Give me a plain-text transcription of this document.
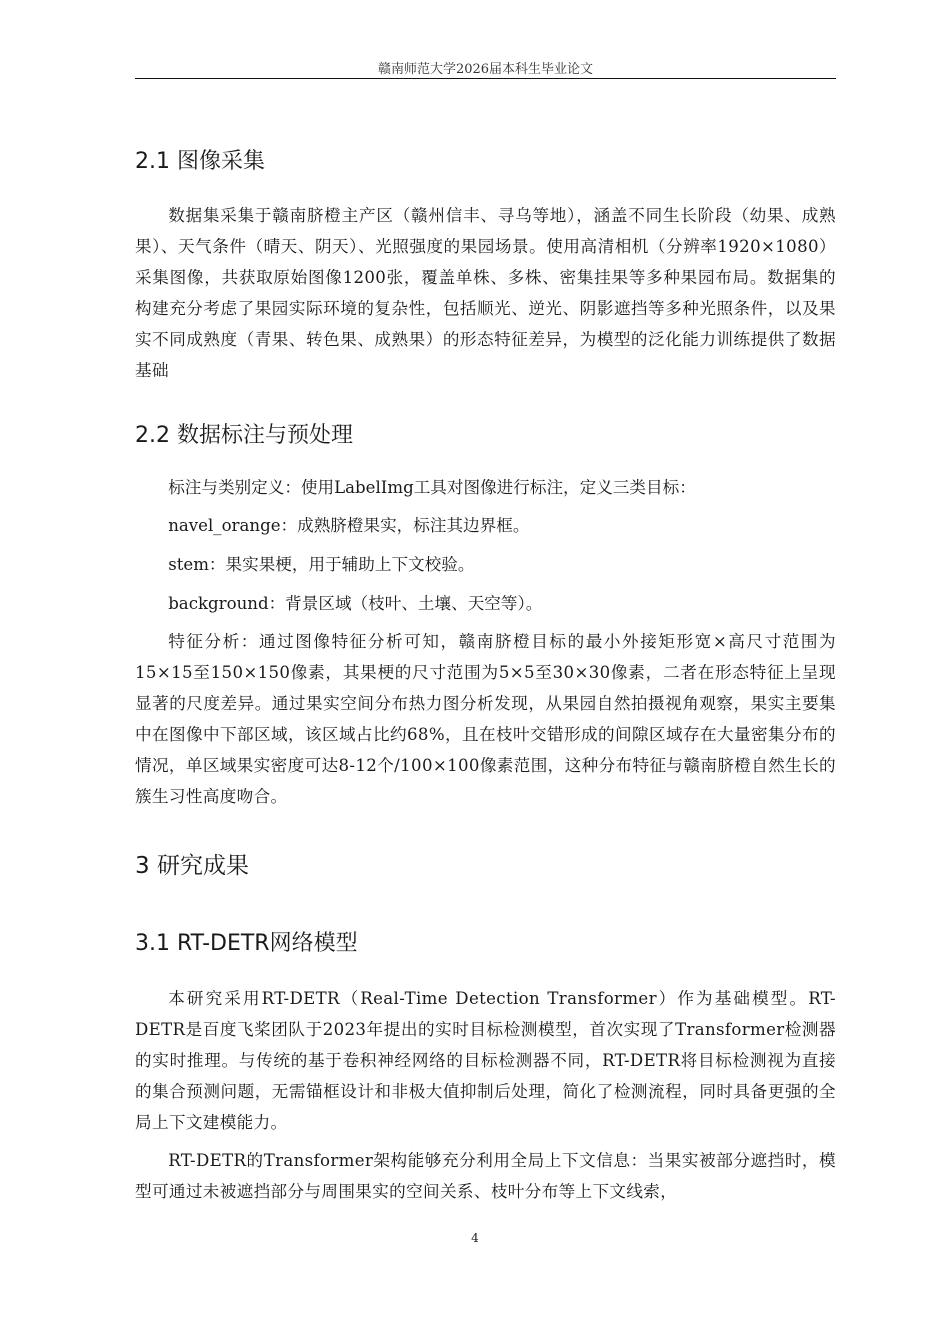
赣南师范大学2026届本科生毕业论文
2.1 图像采集

数据集采集于赣南脐橙主产区（赣州信丰、寻乌等地），涵盖不同生长阶段（幼果、成熟果）、天气条件（晴天、阴天）、光照强度的果园场景。使用高清相机（分辨率1920×1080）采集图像，共获取原始图像1200张，覆盖单株、多株、密集挂果等多种果园布局。数据集的构建充分考虑了果园实际环境的复杂性，包括顺光、逆光、阴影遮挡等多种光照条件，以及果实不同成熟度（青果、转色果、成熟果）的形态特征差异，为模型的泛化能力训练提供了数据基础

2.2 数据标注与预处理

标注与类别定义：使用LabelImg工具对图像进行标注，定义三类目标：

navel_orange：成熟脐橙果实，标注其边界框。

stem：果实果梗，用于辅助上下文校验。

background：背景区域（枝叶、土壤、天空等）。

特征分析：通过图像特征分析可知，赣南脐橙目标的最小外接矩形宽×高尺寸范围为15×15至150×150像素，其果梗的尺寸范围为5×5至30×30像素，二者在形态特征上呈现显著的尺度差异。通过果实空间分布热力图分析发现，从果园自然拍摄视角观察，果实主要集中在图像中下部区域，该区域占比约68%，且在枝叶交错形成的间隙区域存在大量密集分布的情况，单区域果实密度可达8-12个/100×100像素范围，这种分布特征与赣南脐橙自然生长的簇生习性高度吻合。

3 研究成果
3.1 RT-DETR网络模型

本研究采用RT-DETR（Real-Time Detection Transformer）作为基础模型。RT-DETR是百度飞桨团队于2023年提出的实时目标检测模型，首次实现了Transformer检测器的实时推理。与传统的基于卷积神经网络的目标检测器不同，RT-DETR将目标检测视为直接的集合预测问题，无需锚框设计和非极大值抑制后处理，简化了检测流程，同时具备更强的全局上下文建模能力。

RT-DETR的Transformer架构能够充分利用全局上下文信息：当果实被部分遮挡时，模型可通过未被遮挡部分与周围果实的空间关系、枝叶分布等上下文线索，

4
